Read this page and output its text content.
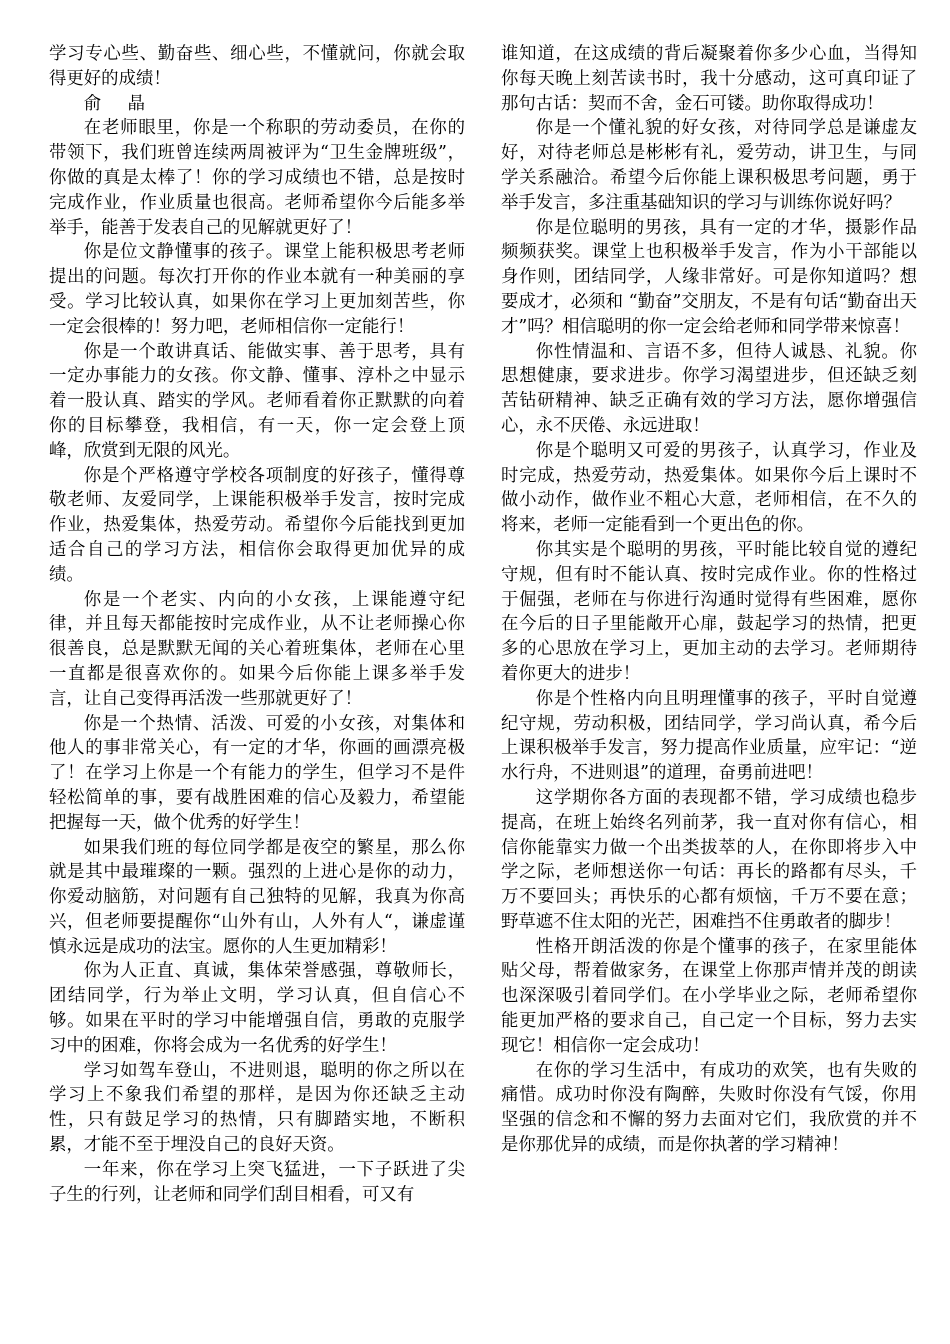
学习专心些、勤奋些、细心些，不懂就问，你就会取得更好的成绩！

俞 晶

在老师眼里，你是一个称职的劳动委员，在你的带领下，我们班曾连续两周被评为“卫生金牌班级”，你做的真是太棒了！你的学习成绩也不错，总是按时完成作业，作业质量也很高。老师希望你今后能多举举手，能善于发表自己的见解就更好了！

你是位文静懂事的孩子。课堂上能积极思考老师提出的问题。每次打开你的作业本就有一种美丽的享受。学习比较认真，如果你在学习上更加刻苦些，你一定会很棒的！努力吧，老师相信你一定能行！

你是一个敢讲真话、能做实事、善于思考，具有一定办事能力的女孩。你文静、懂事、淳朴之中显示着一股认真、踏实的学风。老师看着你正默默的向着你的目标攀登，我相信，有一天，你一定会登上顶峰，欣赏到无限的风光。

你是个严格遵守学校各项制度的好孩子，懂得尊敬老师、友爱同学，上课能积极举手发言，按时完成作业，热爱集体，热爱劳动。希望你今后能找到更加适合自己的学习方法，相信你会取得更加优异的成绩。

你是一个老实、内向的小女孩，上课能遵守纪律，并且每天都能按时完成作业，从不让老师操心你很善良，总是默默无闻的关心着班集体，老师在心里一直都是很喜欢你的。如果今后你能上课多举手发言，让自己变得再活泼一些那就更好了！

你是一个热情、活泼、可爱的小女孩，对集体和他人的事非常关心，有一定的才华，你画的画漂亮极了！在学习上你是一个有能力的学生，但学习不是件轻松简单的事，要有战胜困难的信心及毅力，希望能把握每一天，做个优秀的好学生！

如果我们班的每位同学都是夜空的繁星，那么你就是其中最璀璨的一颗。强烈的上进心是你的动力，你爱动脑筋，对问题有自己独特的见解，我真为你高兴，但老师要提醒你“山外有山，人外有人“，谦虚谨慎永远是成功的法宝。愿你的人生更加精彩！

你为人正直、真诚，集体荣誉感强，尊敬师长，团结同学，行为举止文明，学习认真，但自信心不够。如果在平时的学习中能增强自信，勇敢的克服学习中的困难，你将会成为一名优秀的好学生！

学习如驾车登山，不进则退，聪明的你之所以在学习上不象我们希望的那样，是因为你还缺乏主动性，只有鼓足学习的热情，只有脚踏实地，不断积累，才能不至于埋没自己的良好天资。

一年来，你在学习上突飞猛进，一下子跃进了尖子生的行列，让老师和同学们刮目相看，可又有

谁知道，在这成绩的背后凝聚着你多少心血，当得知你每天晚上刻苦读书时，我十分感动，这可真印证了那句古话：契而不舍，金石可镂。助你取得成功！

你是一个懂礼貌的好女孩，对待同学总是谦虚友好，对待老师总是彬彬有礼，爱劳动，讲卫生，与同学关系融洽。希望今后你能上课积极思考问题，勇于举手发言，多注重基础知识的学习与训练你说好吗？

你是位聪明的男孩，具有一定的才华，摄影作品频频获奖。课堂上也积极举手发言，作为小干部能以身作则，团结同学，人缘非常好。可是你知道吗？想要成才，必须和 “勤奋”交朋友，不是有句话“勤奋出天才”吗？相信聪明的你一定会给老师和同学带来惊喜！

你性情温和、言语不多，但待人诚恳、礼貌。你思想健康，要求进步。你学习渴望进步，但还缺乏刻苦钻研精神、缺乏正确有效的学习方法，愿你增强信心，永不厌倦、永远进取！

你是个聪明又可爱的男孩子，认真学习，作业及时完成，热爱劳动，热爱集体。如果你今后上课时不做小动作，做作业不粗心大意，老师相信，在不久的将来，老师一定能看到一个更出色的你。

你其实是个聪明的男孩，平时能比较自觉的遵纪守规，但有时不能认真、按时完成作业。你的性格过于倔强，老师在与你进行沟通时觉得有些困难，愿你在今后的日子里能敞开心扉，鼓起学习的热情，把更多的心思放在学习上，更加主动的去学习。老师期待着你更大的进步！

你是个性格内向且明理懂事的孩子，平时自觉遵纪守规，劳动积极，团结同学，学习尚认真，希今后上课积极举手发言，努力提高作业质量，应牢记：“逆水行舟，不进则退”的道理，奋勇前进吧！

这学期你各方面的表现都不错，学习成绩也稳步提高，在班上始终名列前茅，我一直对你有信心，相信你能靠实力做一个出类拔萃的人，在你即将步入中学之际，老师想送你一句话：再长的路都有尽头，千万不要回头；再快乐的心都有烦恼，千万不要在意；野草遮不住太阳的光芒，困难挡不住勇敢者的脚步！

性格开朗活泼的你是个懂事的孩子，在家里能体贴父母，帮着做家务，在课堂上你那声情并茂的朗读也深深吸引着同学们。在小学毕业之际，老师希望你能更加严格的要求自己，自己定一个目标，努力去实现它！相信你一定会成功！

在你的学习生活中，有成功的欢笑，也有失败的痛惜。成功时你没有陶醉，失败时你没有气馁，你用坚强的信念和不懈的努力去面对它们，我欣赏的并不是你那优异的成绩，而是你执著的学习精神！
